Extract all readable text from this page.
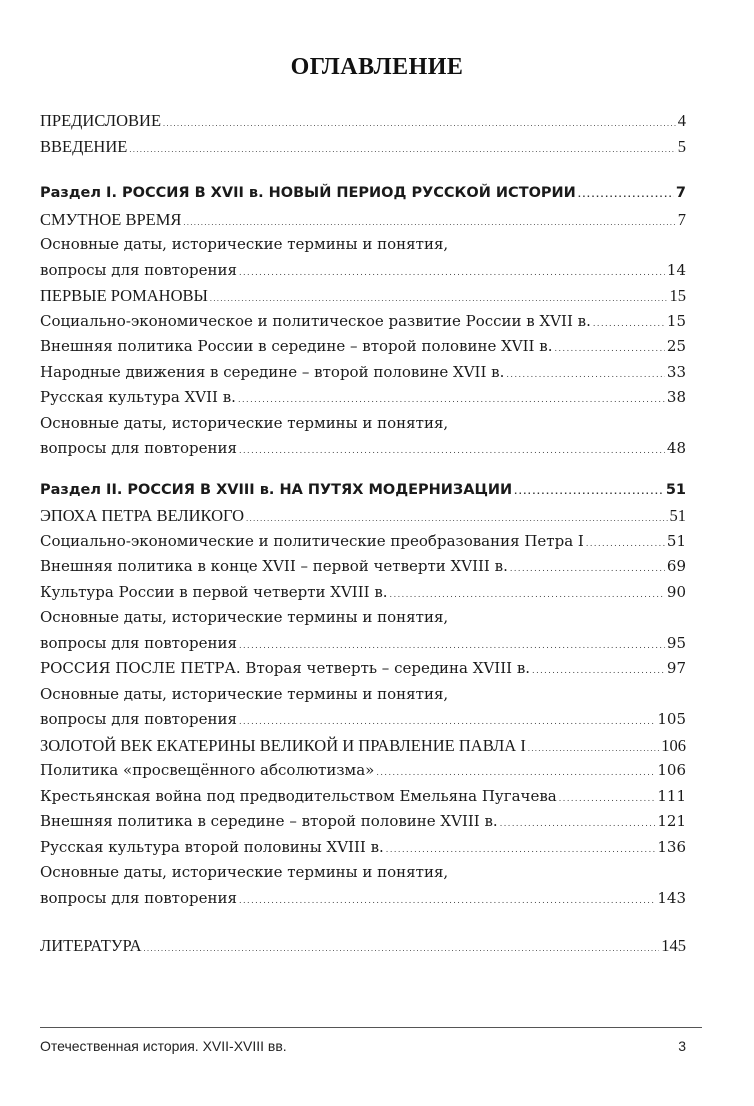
ОГЛАВЛЕНИЕ
ПРЕДИСЛОВИЕ .....	4
ВВЕДЕНИЕ .....	5
Раздел I. РОССИЯ В XVII в. НОВЫЙ ПЕРИОД РУССКОЙ ИСТОРИИ .....	7
СМУТНОЕ ВРЕМЯ .....	7
Основные даты, исторические термины и понятия,
вопросы для повторения .....	14
ПЕРВЫЕ РОМАНОВЫ .....	15
Социально-экономическое и политическое развитие России в XVII в. .....	15
Внешняя политика России в середине – второй половине XVII в. .....	25
Народные движения в середине – второй половине XVII в. .....	33
Русская культура XVII в. .....	38
Основные даты, исторические термины и понятия,
вопросы для повторения .....	48
Раздел II. РОССИЯ В XVIII в. НА ПУТЯХ МОДЕРНИЗАЦИИ .....	51
ЭПОХА ПЕТРА ВЕЛИКОГО .....	51
Социально-экономические и политические преобразования Петра I .....	51
Внешняя политика в конце XVII – первой четверти XVIII в. .....	69
Культура России в первой четверти XVIII в. .....	90
Основные даты, исторические термины и понятия,
вопросы для повторения .....	95
РОССИЯ ПОСЛЕ ПЕТРА. Вторая четверть – середина XVIII в. .....	97
Основные даты, исторические термины и понятия,
вопросы для повторения .....	105
ЗОЛОТОЙ ВЕК ЕКАТЕРИНЫ ВЕЛИКОЙ И ПРАВЛЕНИЕ ПАВЛА I .....	106
Политика «просвещённого абсолютизма» .....	106
Крестьянская война под предводительством Емельяна Пугачева .....	111
Внешняя политика в середине – второй половине XVIII в. .....	121
Русская культура второй половины XVIII в. .....	136
Основные даты, исторические термины и понятия,
вопросы для повторения .....	143
ЛИТЕРАТУРА .....	145
Отечественная история. XVII-XVIII вв.	3
